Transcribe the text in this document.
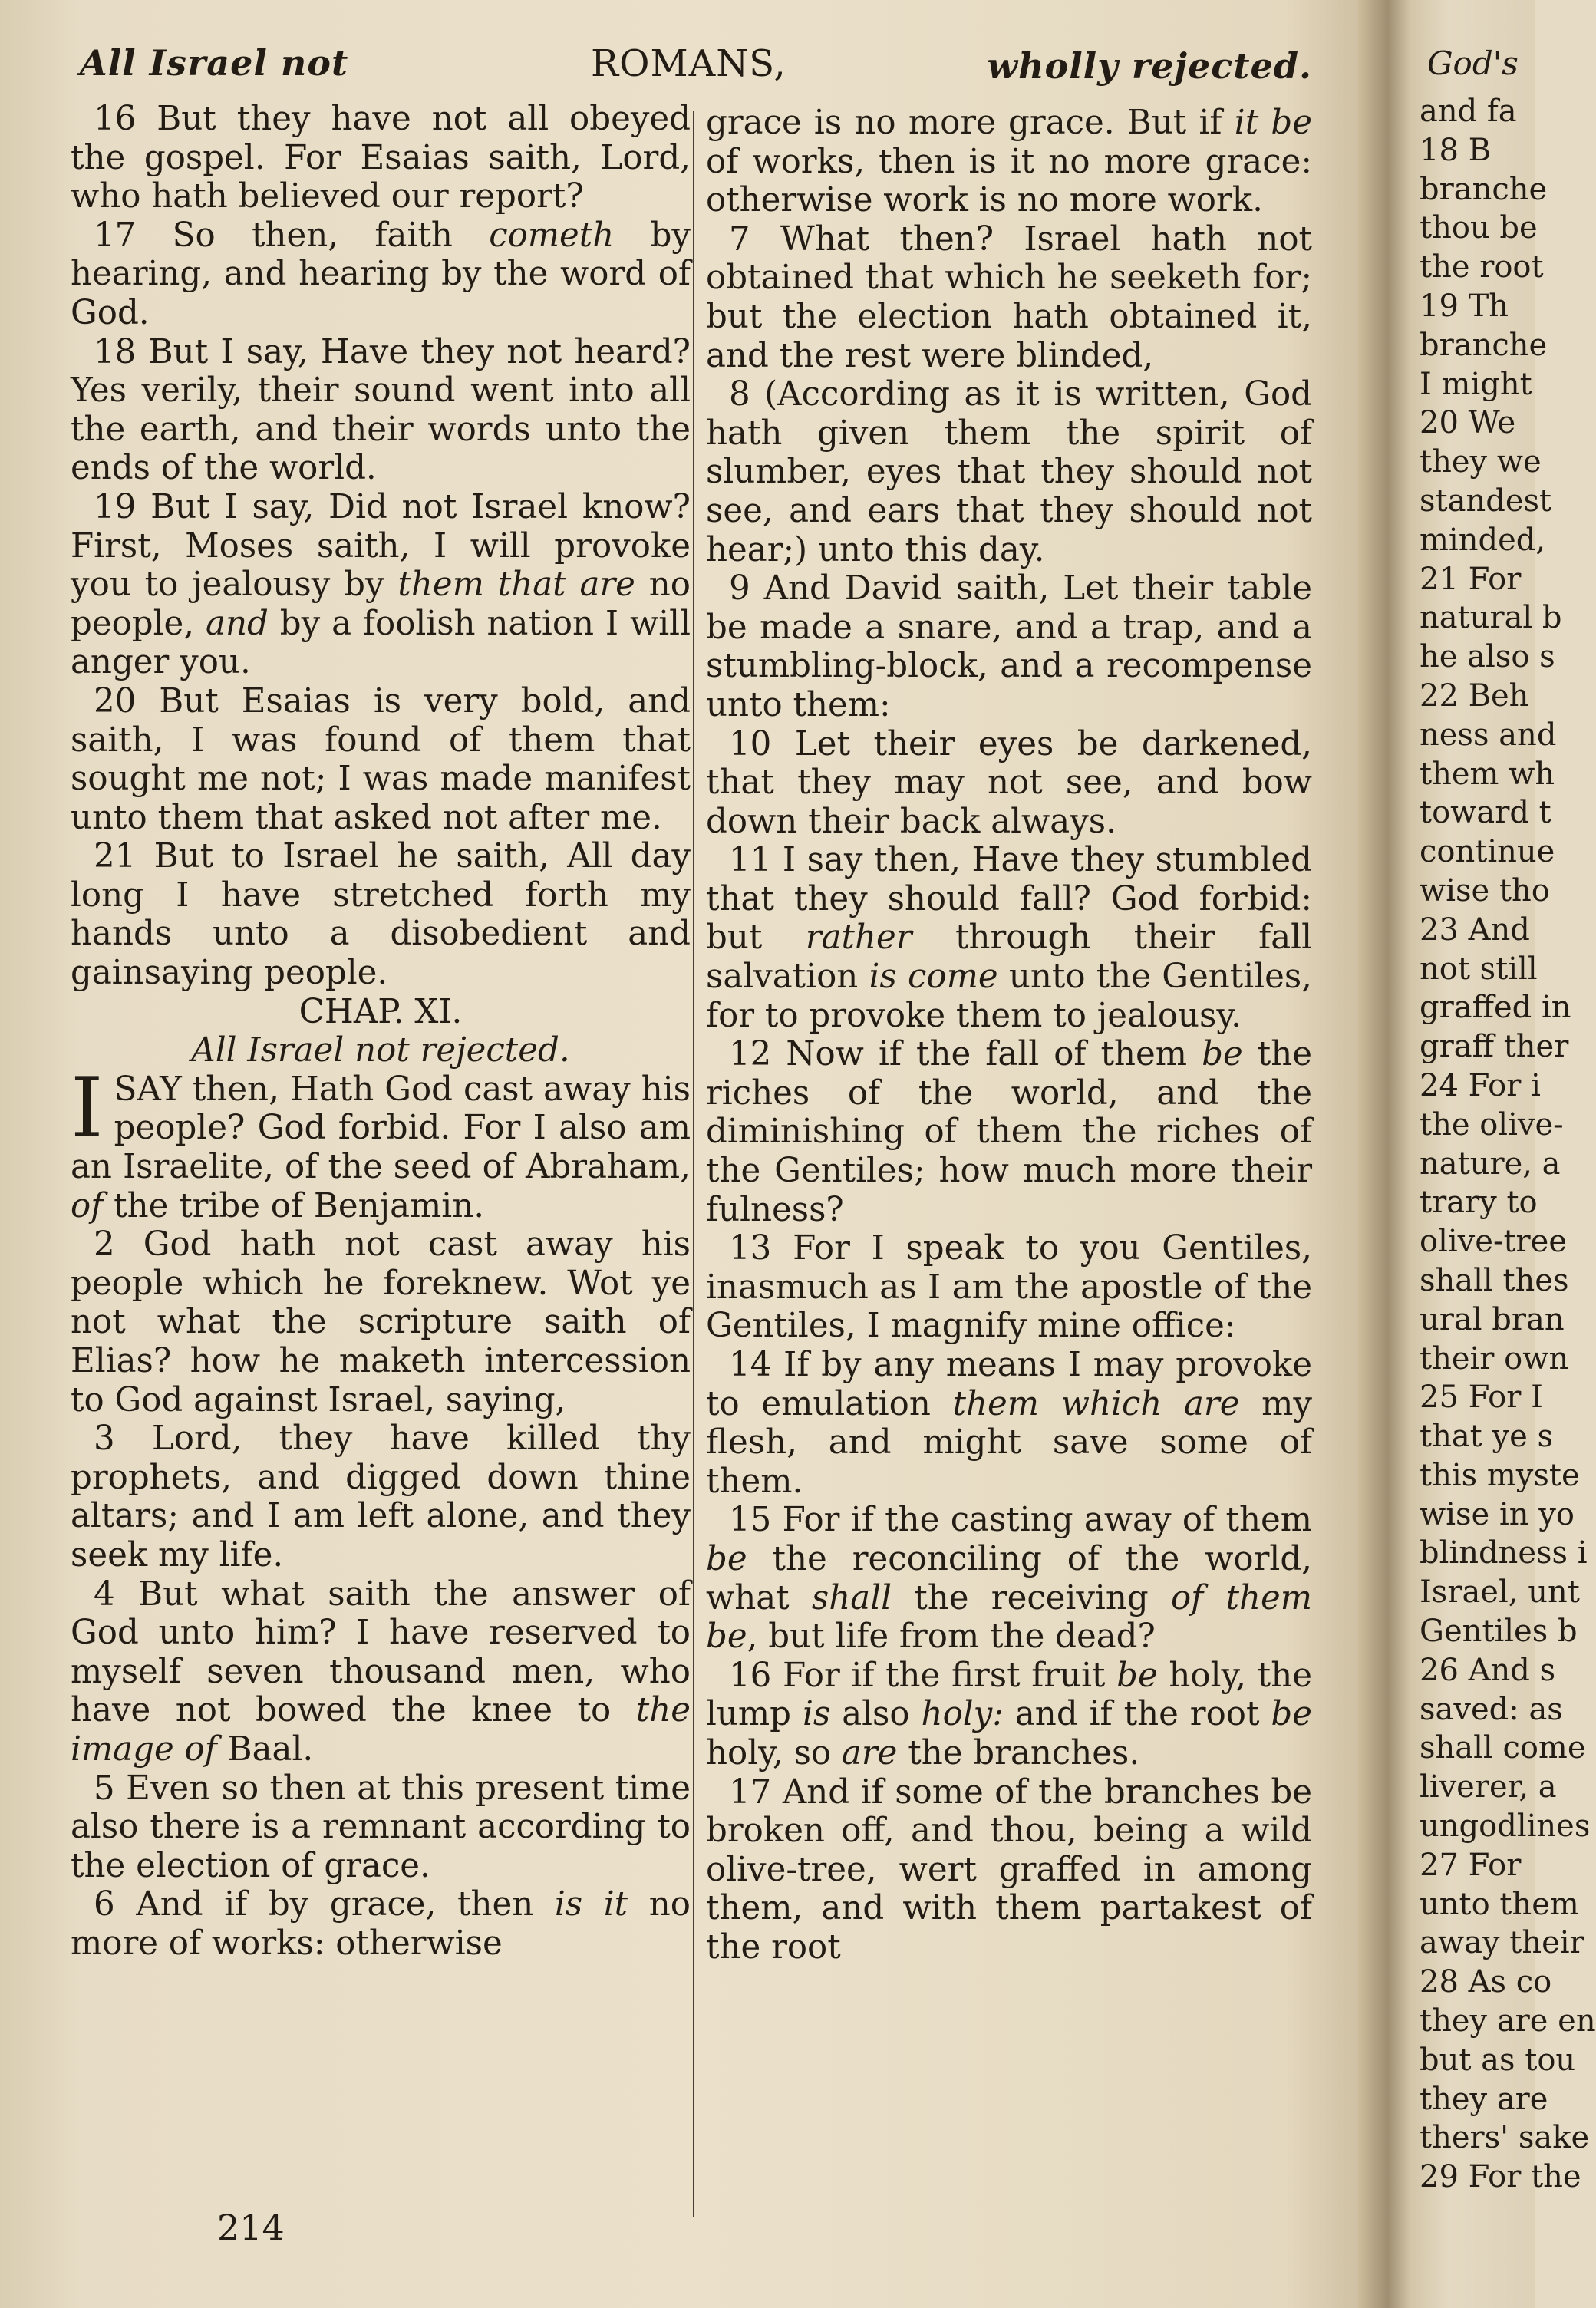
All Israel not	ROMANS,	wholly rejected.

16 But they have not all obeyed the gospel. For Esaias saith, Lord, who hath believed our report?

17 So then, faith cometh by hearing, and hearing by the word of God.

18 But I say, Have they not heard? Yes verily, their sound went into all the earth, and their words unto the ends of the world.

19 But I say, Did not Israel know? First, Moses saith, I will provoke you to jealousy by them that are no people, and by a foolish nation I will anger you.

20 But Esaias is very bold, and saith, I was found of them that sought me not; I was made manifest unto them that asked not after me.

21 But to Israel he saith, All day long I have stretched forth my hands unto a disobedient and gainsaying people.

CHAP. XI.

All Israel not rejected.

I SAY then, Hath God cast away his people? God forbid. For I also am an Israelite, of the seed of Abraham, of the tribe of Benjamin.

2 God hath not cast away his people which he foreknew. Wot ye not what the scripture saith of Elias? how he maketh intercession to God against Israel, saying,

3 Lord, they have killed thy prophets, and digged down thine altars; and I am left alone, and they seek my life.

4 But what saith the answer of God unto him? I have reserved to myself seven thousand men, who have not bowed the knee to the image of Baal.

5 Even so then at this present time also there is a remnant according to the election of grace.

6 And if by grace, then is it no more of works: otherwise

grace is no more grace. But if it be of works, then is it no more grace: otherwise work is no more work.

7 What then? Israel hath not obtained that which he seeketh for; but the election hath obtained it, and the rest were blinded,

8 (According as it is written, God hath given them the spirit of slumber, eyes that they should not see, and ears that they should not hear;) unto this day.

9 And David saith, Let their table be made a snare, and a trap, and a stumbling-block, and a recompense unto them:

10 Let their eyes be darkened, that they may not see, and bow down their back always.

11 I say then, Have they stumbled that they should fall? God forbid: but rather through their fall salvation is come unto the Gentiles, for to provoke them to jealousy.

12 Now if the fall of them be the riches of the world, and the diminishing of them the riches of the Gentiles; how much more their fulness?

13 For I speak to you Gentiles, inasmuch as I am the apostle of the Gentiles, I magnify mine office:

14 If by any means I may provoke to emulation them which are my flesh, and might save some of them.

15 For if the casting away of them be the reconciling of the world, what shall the receiving of them be, but life from the dead?

16 For if the first fruit be holy, the lump is also holy: and if the root be holy, so are the branches.

17 And if some of the branches be broken off, and thou, being a wild olive-tree, wert graffed in among them, and with them partakest of the root

214
God's
and fa
18 B
branche
thou be
the root
19 Th
branche
I might
20 We
they we
standest
minded,
21 For
natural b
he also s
22 Beh
ness and
them wh
toward t
continue
wise tho
23 And
not still
graffed in
graff ther
24 For i
the olive-
nature, a
trary to
olive-tree
shall thes
ural bran
their own
25 For I
that ye s
this myste
wise in yo
blindness i
Israel, unt
Gentiles b
26 And s
saved: as
shall come
liverer, a
ungodlines
27 For
unto them
away their
28 As co
they are en
but as tou
they are
thers' sake
29 For the
